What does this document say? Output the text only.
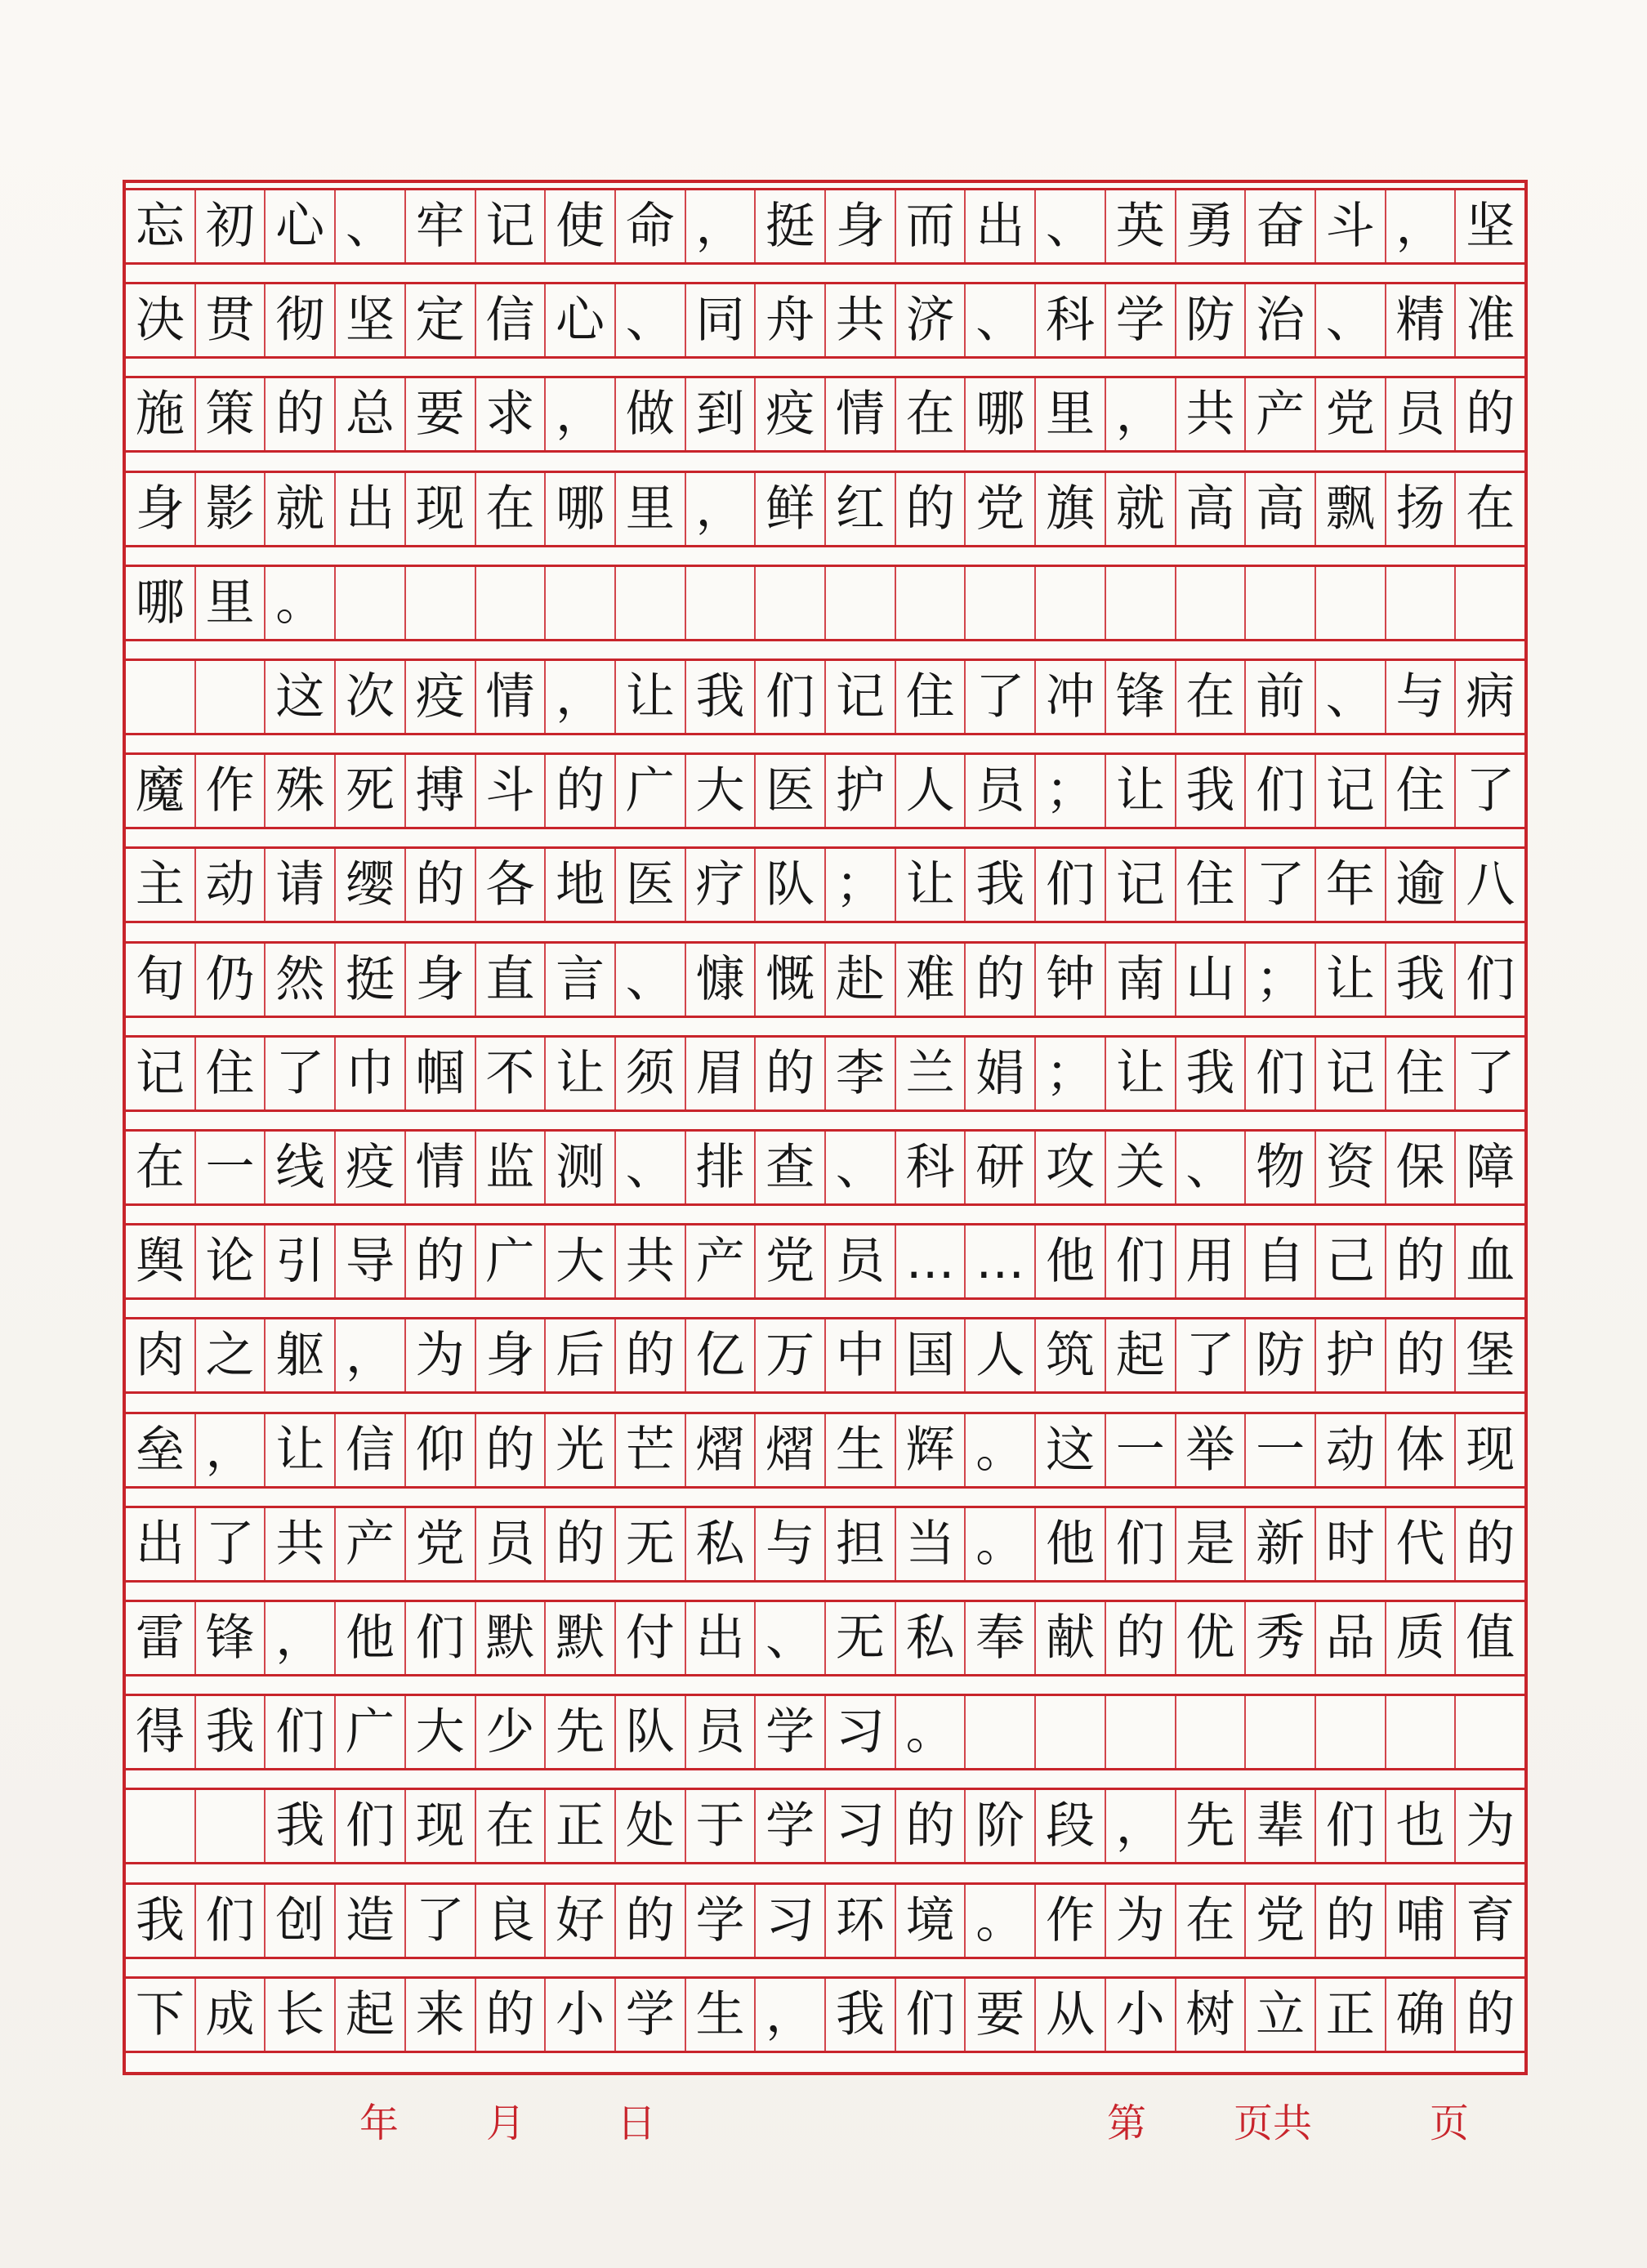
忘 初 心 、 牢 记 使 命 ， 挺 身 而 出 、 英 勇 奋 斗 ， 坚
决 贯 彻 坚 定 信 心 、 同 舟 共 济 、 科 学 防 治 、 精 准
施 策 的 总 要 求 ， 做 到 疫 情 在 哪 里 ， 共 产 党 员 的
身 影 就 出 现 在 哪 里 ， 鲜 红 的 党 旗 就 高 高 飘 扬 在
哪 里 。
这 次 疫 情 ， 让 我 们 记 住 了 冲 锋 在 前 、 与 病
魔 作 殊 死 搏 斗 的 广 大 医 护 人 员 ； 让 我 们 记 住 了
主 动 请 缨 的 各 地 医 疗 队 ； 让 我 们 记 住 了 年 逾 八
旬 仍 然 挺 身 直 言 、 慷 慨 赴 难 的 钟 南 山 ； 让 我 们
记 住 了 巾 帼 不 让 须 眉 的 李 兰 娟 ； 让 我 们 记 住 了
在 一 线 疫 情 监 测 、 排 查 、 科 研 攻 关 、 物 资 保 障
舆 论 引 导 的 广 大 共 产 党 员 … … 他 们 用 自 己 的 血
肉 之 躯 ， 为 身 后 的 亿 万 中 国 人 筑 起 了 防 护 的 堡
垒 ， 让 信 仰 的 光 芒 熠 熠 生 辉 。 这 一 举 一 动 体 现
出 了 共 产 党 员 的 无 私 与 担 当 。 他 们 是 新 时 代 的
雷 锋 ， 他 们 默 默 付 出 、 无 私 奉 献 的 优 秀 品 质 值
得 我 们 广 大 少 先 队 员 学 习 。
我 们 现 在 正 处 于 学 习 的 阶 段 ， 先 辈 们 也 为
我 们 创 造 了 良 好 的 学 习 环 境 。 作 为 在 党 的 哺 育
下 成 长 起 来 的 小 学 生 ， 我 们 要 从 小 树 立 正 确 的
年 月 日	第 页共	页
